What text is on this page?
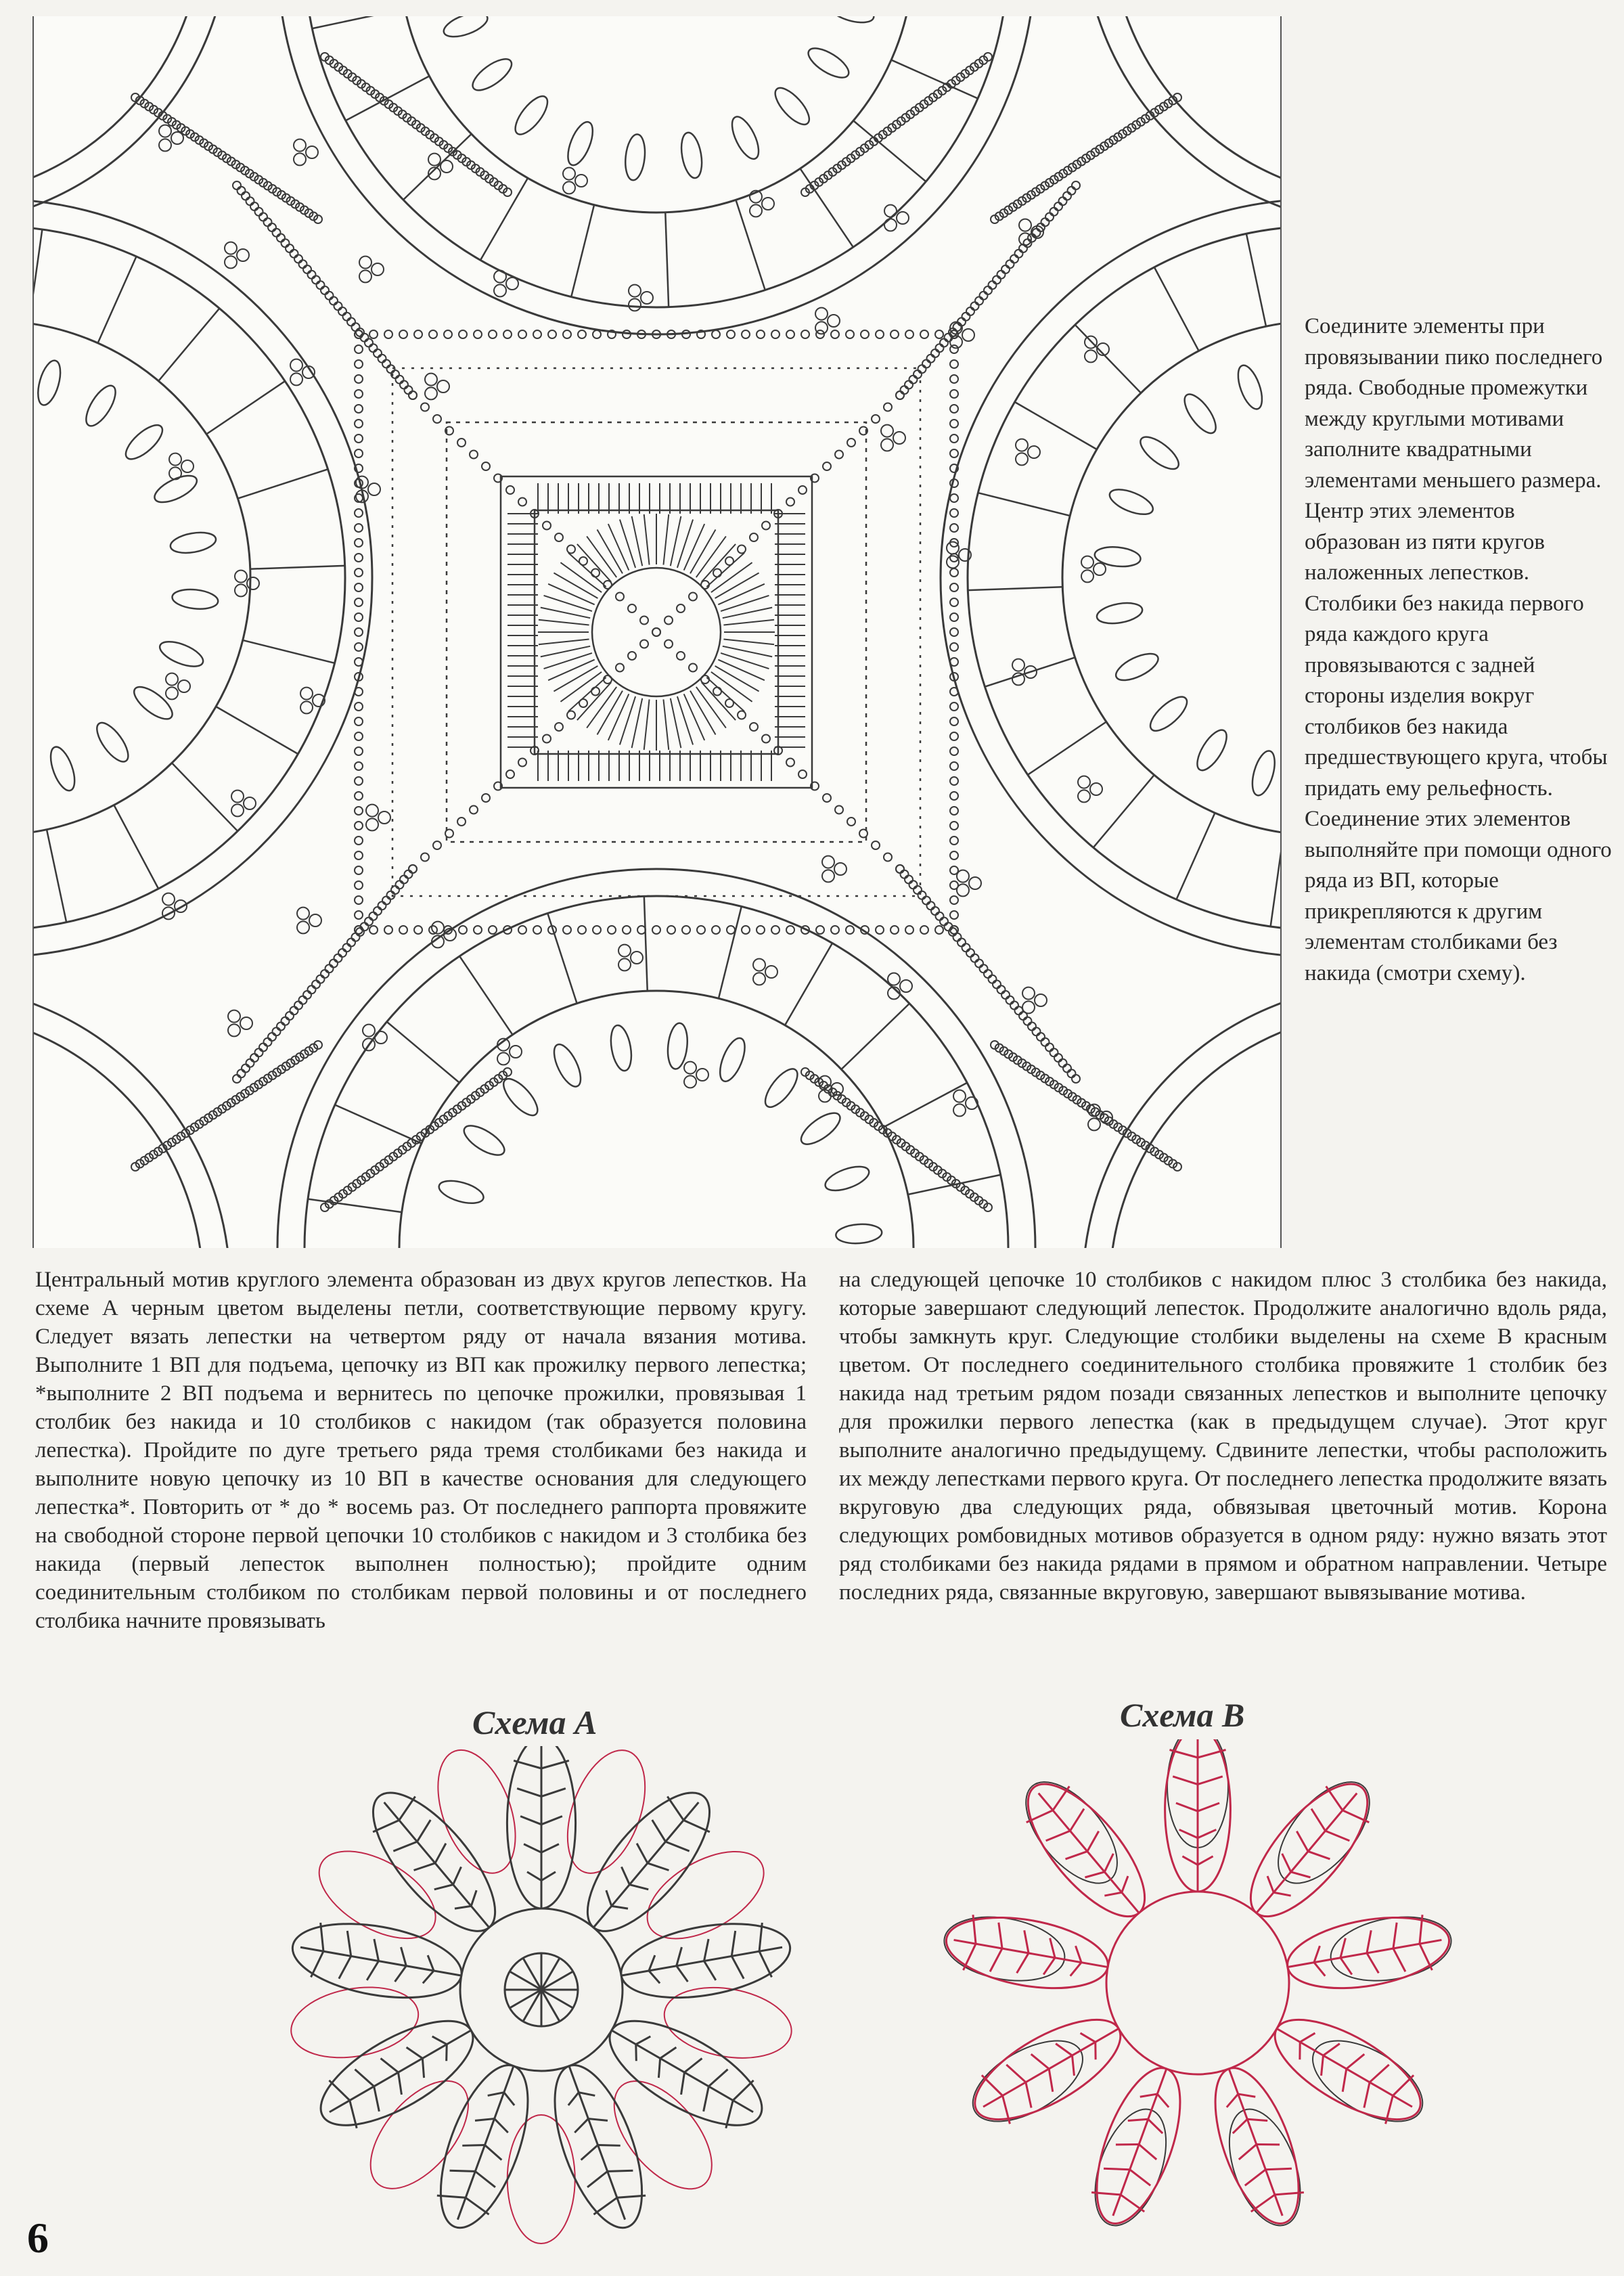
Соедините элементы при провязывании пико последнего ряда. Свободные промежутки между круглыми мотивами заполните квадратными элементами меньшего размера. Центр этих элементов образован из пяти кругов наложенных лепестков. Столбики без накида первого ряда каждого круга провязываются с задней стороны изделия вокруг столбиков без накида предшествующего круга, чтобы придать ему рельефность. Соединение этих элементов выполняйте при помощи одного ряда из ВП, которые прикрепляются к другим элементам столбиками без накида (смотри схему).
Центральный мотив круглого элемента образован из двух кругов лепестков. На схеме А черным цветом выделены петли, соответствующие первому кругу. Следует вязать лепестки на четвертом ряду от начала вязания мотива. Выполните 1 ВП для подъема, цепочку из ВП как прожилку первого лепестка; *выполните 2 ВП подъема и вернитесь по цепочке прожилки, провязывая 1 столбик без накида и 10 столбиков с накидом (так образуется половина лепестка). Пройдите по дуге третьего ряда тремя столбиками без накида и выполните новую цепочку из 10 ВП в качестве основания для следующего лепестка*. Повторить от * до * восемь раз. От последнего раппорта провяжите на свободной стороне первой цепочки 10 столбиков с накидом и 3 столбика без накида (первый лепесток выполнен полностью); пройдите одним соединительным столбиком по столбикам первой половины и от последнего столбика начните провязывать
на следующей цепочке 10 столбиков с накидом плюс 3 столбика без накида, которые завершают следующий лепесток. Продолжите аналогично вдоль ряда, чтобы замкнуть круг. Следующие столбики выделены на схеме В красным цветом. От последнего соединительного столбика провяжите 1 столбик без накида над третьим рядом позади связанных лепестков и выполните цепочку для прожилки первого лепестка (как в предыдущем случае). Этот круг выполните аналогично предыдущему. Сдвините лепестки, чтобы расположить их между лепестками первого круга. От последнего лепестка продолжите вязать вкруговую два следующих ряда, обвязывая цветочный мотив. Корона следующих ромбовидных мотивов образуется в одном ряду: нужно вязать этот ряд столбиками без накида рядами в прямом и обратном направлении. Четыре последних ряда, связанные вкруговую, завершают вывязывание мотива.
Схема А	Схема В
6
